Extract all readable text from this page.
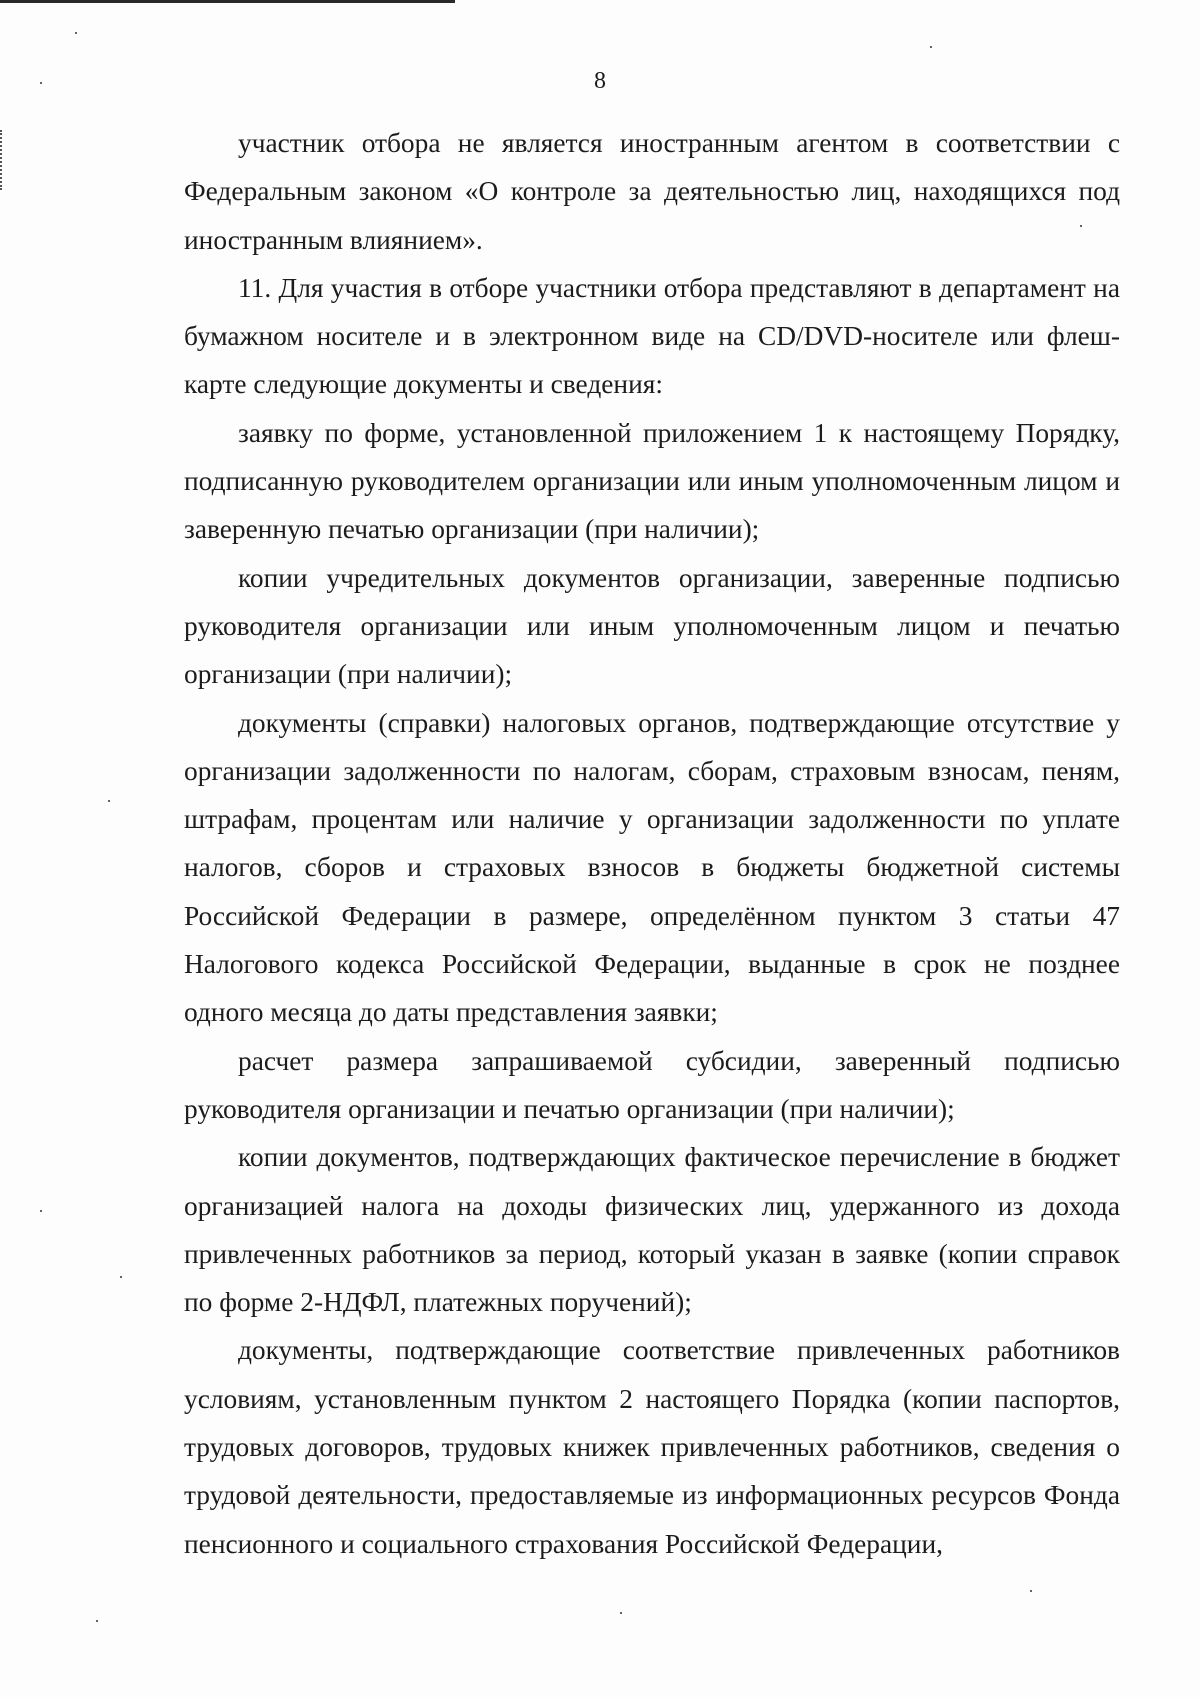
8

участник отбора не является иностранным агентом в соответствии с Федеральным законом «О контроле за деятельностью лиц, находящихся под иностранным влиянием».

11. Для участия в отборе участники отбора представляют в департамент на бумажном носителе и в электронном виде на CD/DVD-носителе или флеш-карте следующие документы и сведения:

заявку по форме, установленной приложением 1 к настоящему Порядку, подписанную руководителем организации или иным уполномоченным лицом и заверенную печатью организации (при наличии);

копии учредительных документов организации, заверенные подписью руководителя организации или иным уполномоченным лицом и печатью организации (при наличии);

документы (справки) налоговых органов, подтверждающие отсутствие у организации задолженности по налогам, сборам, страховым взносам, пеням, штрафам, процентам или наличие у организации задолженности по уплате налогов, сборов и страховых взносов в бюджеты бюджетной системы Российской Федерации в размере, определённом пунктом 3 статьи 47 Налогового кодекса Российской Федерации, выданные в срок не позднее одного месяца до даты представления заявки;

расчет размера запрашиваемой субсидии, заверенный подписью руководителя организации и печатью организации (при наличии);

копии документов, подтверждающих фактическое перечисление в бюджет организацией налога на доходы физических лиц, удержанного из дохода привлеченных работников за период, который указан в заявке (копии справок по форме 2-НДФЛ, платежных поручений);

документы, подтверждающие соответствие привлеченных работников условиям, установленным пунктом 2 настоящего Порядка (копии паспортов, трудовых договоров, трудовых книжек привлеченных работников, сведения о трудовой деятельности, предоставляемые из информационных ресурсов Фонда пенсионного и социального страхования Российской Федерации,
